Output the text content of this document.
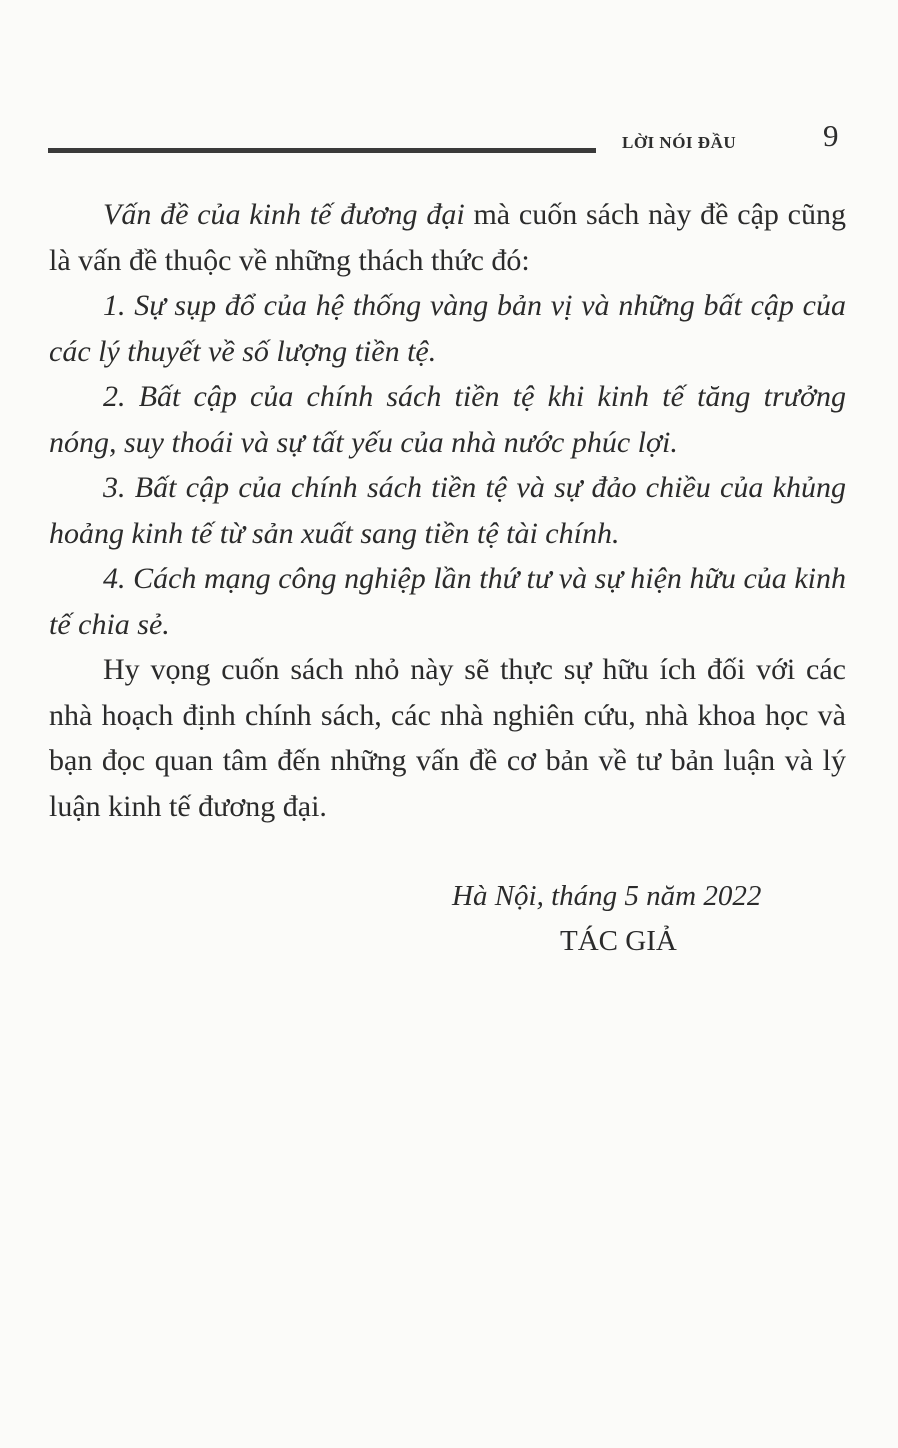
LỜI NÓI ĐẦU	9

Vấn đề của kinh tế đương đại mà cuốn sách này đề cập cũng là vấn đề thuộc về những thách thức đó:

1. Sự sụp đổ của hệ thống vàng bản vị và những bất cập của các lý thuyết về số lượng tiền tệ.

2. Bất cập của chính sách tiền tệ khi kinh tế tăng trưởng nóng, suy thoái và sự tất yếu của nhà nước phúc lợi.

3. Bất cập của chính sách tiền tệ và sự đảo chiều của khủng hoảng kinh tế từ sản xuất sang tiền tệ tài chính.

4. Cách mạng công nghiệp lần thứ tư và sự hiện hữu của kinh tế chia sẻ.

Hy vọng cuốn sách nhỏ này sẽ thực sự hữu ích đối với các nhà hoạch định chính sách, các nhà nghiên cứu, nhà khoa học và bạn đọc quan tâm đến những vấn đề cơ bản về tư bản luận và lý luận kinh tế đương đại.

Hà Nội, tháng 5 năm 2022
TÁC GIẢ
